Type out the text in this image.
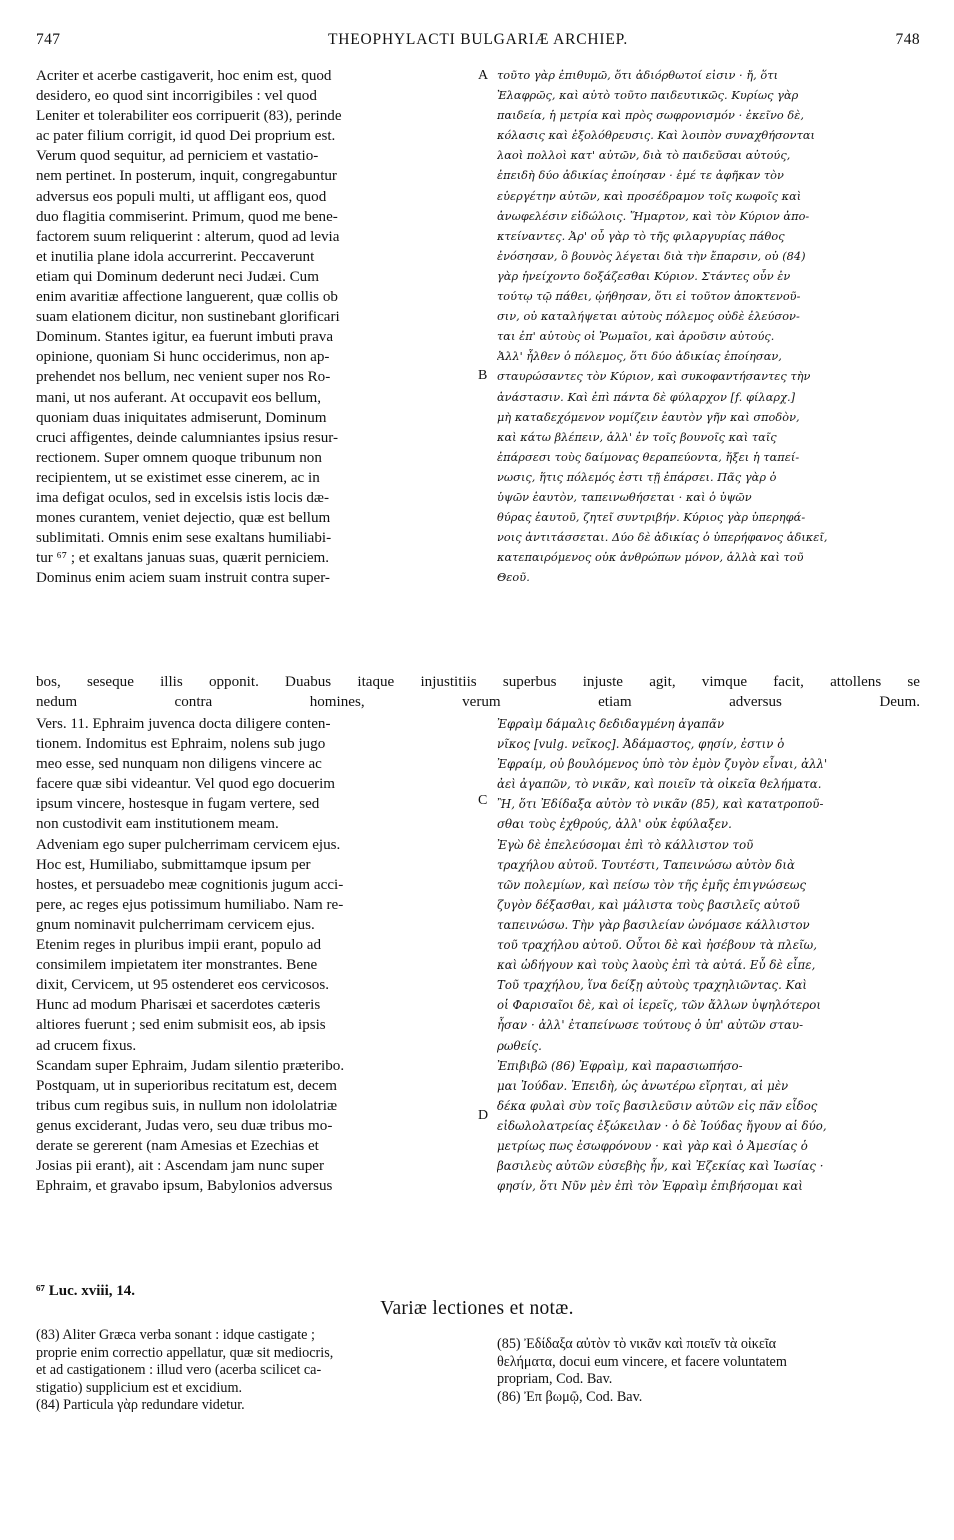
THEOPHYLACTI BULGARIÆ ARCHIEP.
747	748
Acriter et acerbe castigaverit, hoc enim est, quod
desidero, eo quod sint incorrigibiles : vel quod
Leniter et tolerabiliter eos corripuerit (83), perinde
ac pater filium corrigit, id quod Dei proprium est.
Verum quod sequitur, ad perniciem et vastatio-
nem pertinet. In posterum, inquit, congregabuntur
adversus eos populi multi, ut affligant eos, quod
duo flagitia commiserint. Primum, quod me bene-
factorem suum reliquerint : alterum, quod ad levia
et inutilia plane idola accurrerint. Peccaverunt
etiam qui Dominum dederunt neci Judæi. Cum
enim avaritiæ affectione languerent, quæ collis ob
suam elationem dicitur, non sustinebant glorificari
Dominum. Stantes igitur, ea fuerunt imbuti prava
opinione, quoniam Si hunc occiderimus, non ap-
prehendet nos bellum, nec venient super nos Ro-
mani, ut nos auferant. At occupavit eos bellum,
quoniam duas iniquitates admiserunt, Dominum
cruci affigentes, deinde calumniantes ipsius resur-
rectionem. Super omnem quoque tribunum non
recipientem, ut se existimet esse cinerem, ac in
ima defigat oculos, sed in excelsis istis locis dæ-
mones curantem, veniet dejectio, quæ est bellum
sublimitati. Omnis enim sese exaltans humiliabi-
tur ⁶⁷ ; et exaltans januas suas, quærit perniciem.
Dominus enim aciem suam instruit contra super-
τοῦτο γὰρ ἐπιθυμῶ, ὅτι ἀδιόρθωτοί εἰσιν · ἤ, ὅτι
Ἐλαφρῶς, καὶ αὐτὸ τοῦτο παιδευτικῶς. Κυρίως γὰρ
παιδεία, ἡ μετρία καὶ πρὸς σωφρονισμόν · ἐκεῖνο δὲ,
κόλασις καὶ ἐξολόθρευσις. Καὶ λοιπὸν συναχθήσονται
λαοὶ πολλοὶ κατ' αὐτῶν, διὰ τὸ παιδεῦσαι αὐτούς,
ἐπειδὴ δύο ἀδικίας ἐποίησαν · ἐμέ τε ἀφῆκαν τὸν
εὐεργέτην αὐτῶν, καὶ προσέδραμον τοῖς κωφοῖς καὶ
ἀνωφελέσιν εἰδώλοις. Ἥμαρτον, καὶ τὸν Κύριον ἀπο-
κτείναντες. Ἀρ' οὖ γὰρ τὸ τῆς φιλαργυρίας πάθος
ἐνόσησαν, ὃ βουνὸς λέγεται διὰ τὴν ἔπαρσιν, οὐ (84)
γὰρ ἠνείχοντο δοξάζεσθαι Κύριον. Στάντες οὖν ἐν
τούτῳ τῷ πάθει, ᾠήθησαν, ὅτι εἰ τοῦτον ἀποκτενοῦ-
σιν, οὐ καταλήψεται αὐτοὺς πόλεμος οὐδὲ ἐλεύσον-
ται ἐπ' αὐτοὺς οἱ Ῥωμαῖοι, καὶ ἀροῦσιν αὐτούς.
Ἀλλ' ἦλθεν ὁ πόλεμος, ὅτι δύο ἀδικίας ἐποίησαν,
σταυρώσαντες τὸν Κύριον, καὶ συκοφαντήσαντες τὴν
ἀνάστασιν. Καὶ ἐπὶ πάντα δὲ φύλαρχον [f. φίλαρχ.]
μὴ καταδεχόμενον νομίζειν ἑαυτὸν γῆν καὶ σποδὸν,
καὶ κάτω βλέπειν, ἀλλ' ἐν τοῖς βουνοῖς καὶ ταῖς
ἐπάρσεσι τοὺς δαίμονας θεραπεύοντα, ἥξει ἡ ταπεί-
νωσις, ἥτις πόλεμός ἐστι τῇ ἐπάρσει. Πᾶς γὰρ ὁ
ὑψῶν ἑαυτὸν, ταπεινωθήσεται · καὶ ὁ ὑψῶν
θύρας ἑαυτοῦ, ζητεῖ συντριβήν. Κύριος γὰρ ὑπερηφά-
νοις ἀντιτάσσεται. Δύο δὲ ἀδικίας ὁ ὑπερήφανος ἀδικεῖ,
κατεπαιρόμενος οὐκ ἀνθρώπων μόνον, ἀλλὰ καὶ τοῦ
Θεοῦ.
bos, seseque illis opponit. Duabus itaque injustitiis superbus injuste agit, vimque facit, attollens se
nedum contra homines, verum etiam adversus Deum.
Vers. 11. Ephraim juvenca docta diligere conten-
tionem. Indomitus est Ephraim, nolens sub jugo
meo esse, sed nunquam non diligens vincere ac
facere quæ sibi videantur. Vel quod ego docuerim
ipsum vincere, hostesque in fugam vertere, sed
non custodivit eam institutionem meam.
Adveniam ego super pulcherrimam cervicem ejus.
Hoc est, Humiliabo, submittamque ipsum per
hostes, et persuadebo meæ cognitionis jugum acci-
pere, ac reges ejus potissimum humiliabo. Nam re-
gnum nominavit pulcherrimam cervicem ejus.
Etenim reges in pluribus impii erant, populo ad
consimilem impietatem iter monstrantes. Bene
dixit, Cervicem, ut 95 ostenderet eos cervicosos.
Hunc ad modum Pharisæi et sacerdotes cæteris
altiores fuerunt ; sed enim submisit eos, ab ipsis
ad crucem fixus.
Scandam super Ephraim, Judam silentio præteribo.
Postquam, ut in superioribus recitatum est, decem
tribus cum regibus suis, in nullum non idololatriæ
genus exciderant, Judas vero, seu duæ tribus mo-
derate se gererent (nam Amesias et Ezechias et
Josias pii erant), ait : Ascendam jam nunc super
Ephraim, et gravabo ipsum, Babylonios adversus
Ἐφραὶμ δάμαλις δεδιδαγμένη ἀγαπᾶν
νῖκος [vulg. νεῖκος]. Ἀδάμαστος, φησίν, ἐστιν ὁ
Ἐφραίμ, οὐ βουλόμενος ὑπὸ τὸν ἐμὸν ζυγὸν εἶναι, ἀλλ'
ἀεὶ ἀγαπῶν, τὸ νικᾶν, καὶ ποιεῖν τὰ οἰκεῖα θελήματα.
Ἢ, ὅτι Ἐδίδαξα αὐτὸν τὸ νικᾶν (85), καὶ κατατροποῦ-
σθαι τοὺς ἐχθρούς, ἀλλ' οὐκ ἐφύλαξεν.
Ἐγὼ δὲ ἐπελεύσομαι ἐπὶ τὸ κάλλιστον τοῦ
τραχήλου αὐτοῦ. Τουτέστι, Ταπεινώσω αὐτὸν διὰ
τῶν πολεμίων, καὶ πείσω τὸν τῆς ἐμῆς ἐπιγνώσεως
ζυγὸν δέξασθαι, καὶ μάλιστα τοὺς βασιλεῖς αὐτοῦ
ταπεινώσω. Τὴν γὰρ βασιλείαν ὠνόμασε κάλλιστον
τοῦ τραχήλου αὐτοῦ. Οὗτοι δὲ καὶ ἠσέβουν τὰ πλεῖω,
καὶ ὡδήγουν καὶ τοὺς λαοὺς ἐπὶ τὰ αὐτά. Εὖ δὲ εἶπε,
Τοῦ τραχήλου, ἵνα δείξῃ αὐτοὺς τραχηλιῶντας. Καὶ
οἱ Φαρισαῖοι δὲ, καὶ οἱ ἱερεῖς, τῶν ἄλλων ὑψηλότεροι
ἦσαν · ἀλλ' ἐταπείνωσε τούτους ὁ ὑπ' αὐτῶν σταυ-
ρωθείς.
Ἐπιβιβῶ (86) Ἐφραὶμ, καὶ παρασιωπήσο-
μαι Ἰούδαν. Ἐπειδὴ, ὡς ἀνωτέρω εἴρηται, αἱ μὲν
δέκα φυλαὶ σὺν τοῖς βασιλεῦσιν αὐτῶν εἰς πᾶν εἶδος
εἰδωλολατρείας ἐξώκειλαν · ὁ δὲ Ἰούδας ἤγουν αἱ δύο,
μετρίως πως ἐσωφρόνουν · καὶ γὰρ καὶ ὁ Ἀμεσίας ὁ
βασιλεὺς αὐτῶν εὐσεβὴς ἦν, καὶ Ἐζεκίας καὶ Ἰωσίας ·
φησίν, ὅτι Νῦν μὲν ἐπὶ τὸν Ἐφραὶμ ἐπιβήσομαι καὶ
A
B
C
D
⁶⁷ Luc. xviii, 14.
Variæ lectiones et notæ.
(83) Aliter Græca verba sonant : idque castigate ;
proprie enim correctio appellatur, quæ sit mediocris,
et ad castigationem : illud vero (acerba scilicet ca-
stigatio) supplicium est et excidium.
(84) Particula γὰρ redundare videtur.
(85) Ἐδίδαξα αὐτὸν τὸ νικᾶν καὶ ποιεῖν τὰ οἰκεῖα
θελήματα, docui eum vincere, et facere voluntatem
propriam, Cod. Bav.
(86) Ἐπ βωμῷ, Cod. Bav.
